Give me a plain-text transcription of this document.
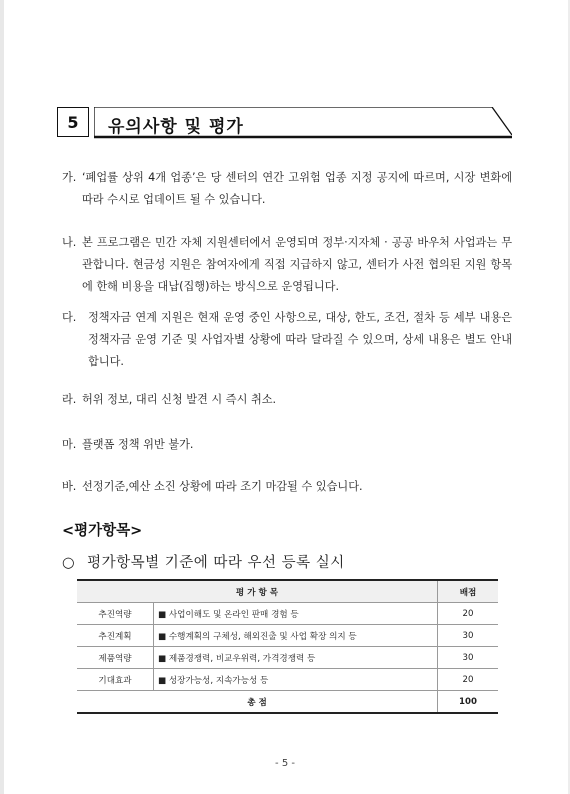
5	유의사항 및 평가
가. ‘폐업률 상위 4개 업종’은 당 센터의 연간 고위험 업종 지정 공지에 따르며, 시장 변화에 따라 수시로 업데이트 될 수 있습니다.
나. 본 프로그램은 민간 자체 지원센터에서 운영되며 정부·지자체 · 공공 바우처 사업과는 무관합니다. 현금성 지원은 참여자에게 직접 지급하지 않고, 센터가 사전 협의된 지원 항목에 한해 비용을 대납(집행)하는 방식으로 운영됩니다.
다.	정책자금 연계 지원은 현재 운영 중인 사항으로, 대상, 한도, 조건, 절차 등 세부 내용은 정책자금 운영 기준 및 사업자별 상황에 따라 달라질 수 있으며, 상세 내용은 별도 안내합니다.
라. 허위 정보, 대리 신청 발견 시 즉시 취소.
마. 플랫폼 정책 위반 불가.
바. 선정기준,예산 소진 상황에 따라 조기 마감될 수 있습니다.
<평가항목>
○ 평가항목별 기준에 따라 우선 등록 실시
평 가 항 목		배점
추진역량	■ 사업이해도 및 온라인 판매 경험 등	20
추진계획	■ 수행계획의 구체성, 해외진출 및 사업 확장 의지 등	30
제품역량	■ 제품경쟁력, 비교우위력, 가격경쟁력 등	30
기대효과	■ 성장가능성, 지속가능성 등	20
총 점		100
- 5 -
